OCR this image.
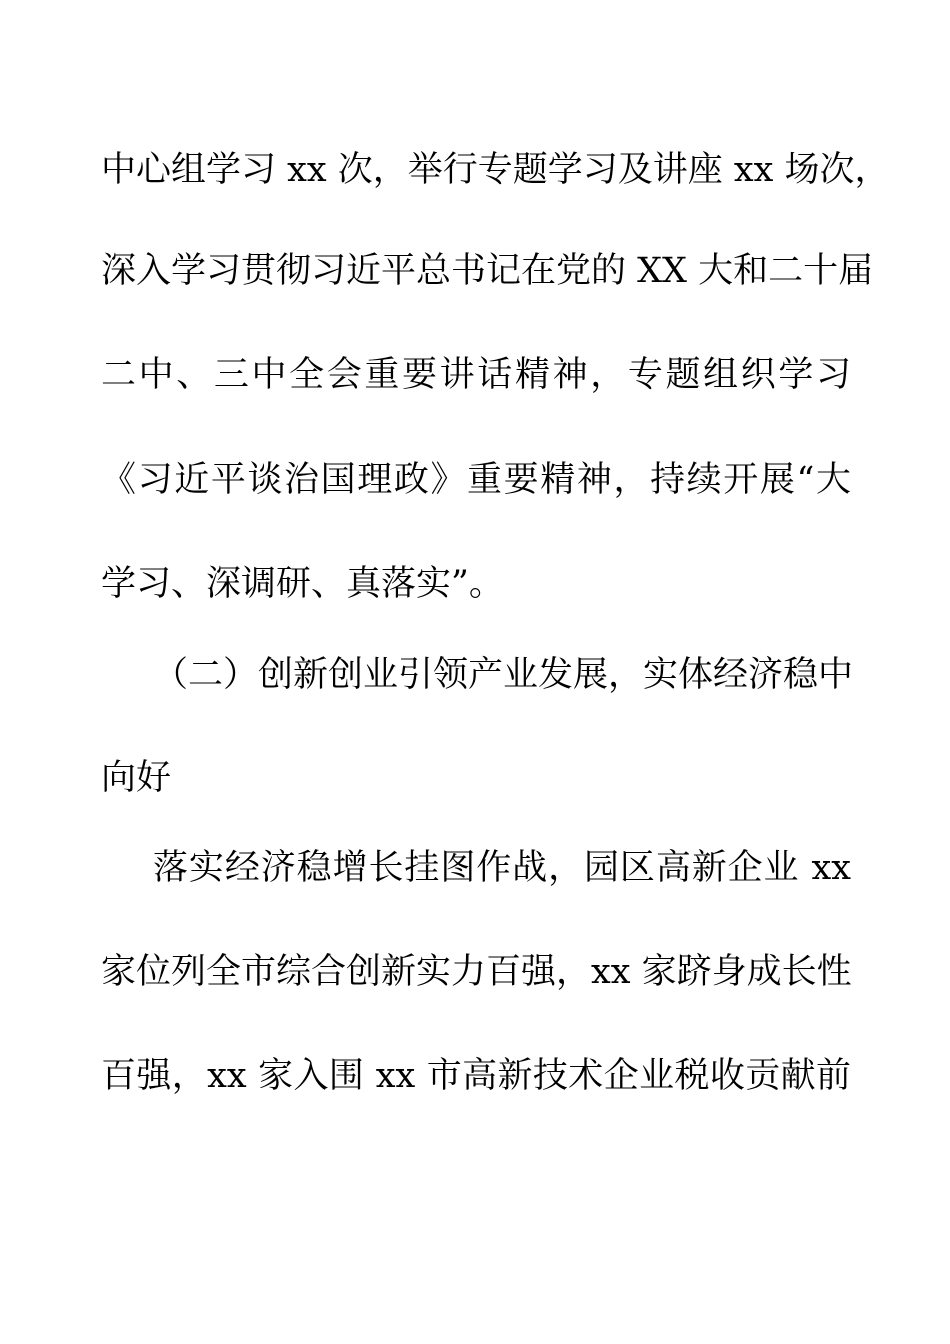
中心组学习 xx 次，举行专题学习及讲座 xx 场次，
深入学习贯彻习近平总书记在党的 XX 大和二十届
二中、三中全会重要讲话精神，专题组织学习
《习近平谈治国理政》重要精神，持续开展“大
学习、深调研、真落实”。
（二）创新创业引领产业发展，实体经济稳中
向好
落实经济稳增长挂图作战，园区高新企业 xx
家位列全市综合创新实力百强，xx 家跻身成长性
百强，xx 家入围 xx 市高新技术企业税收贡献前
